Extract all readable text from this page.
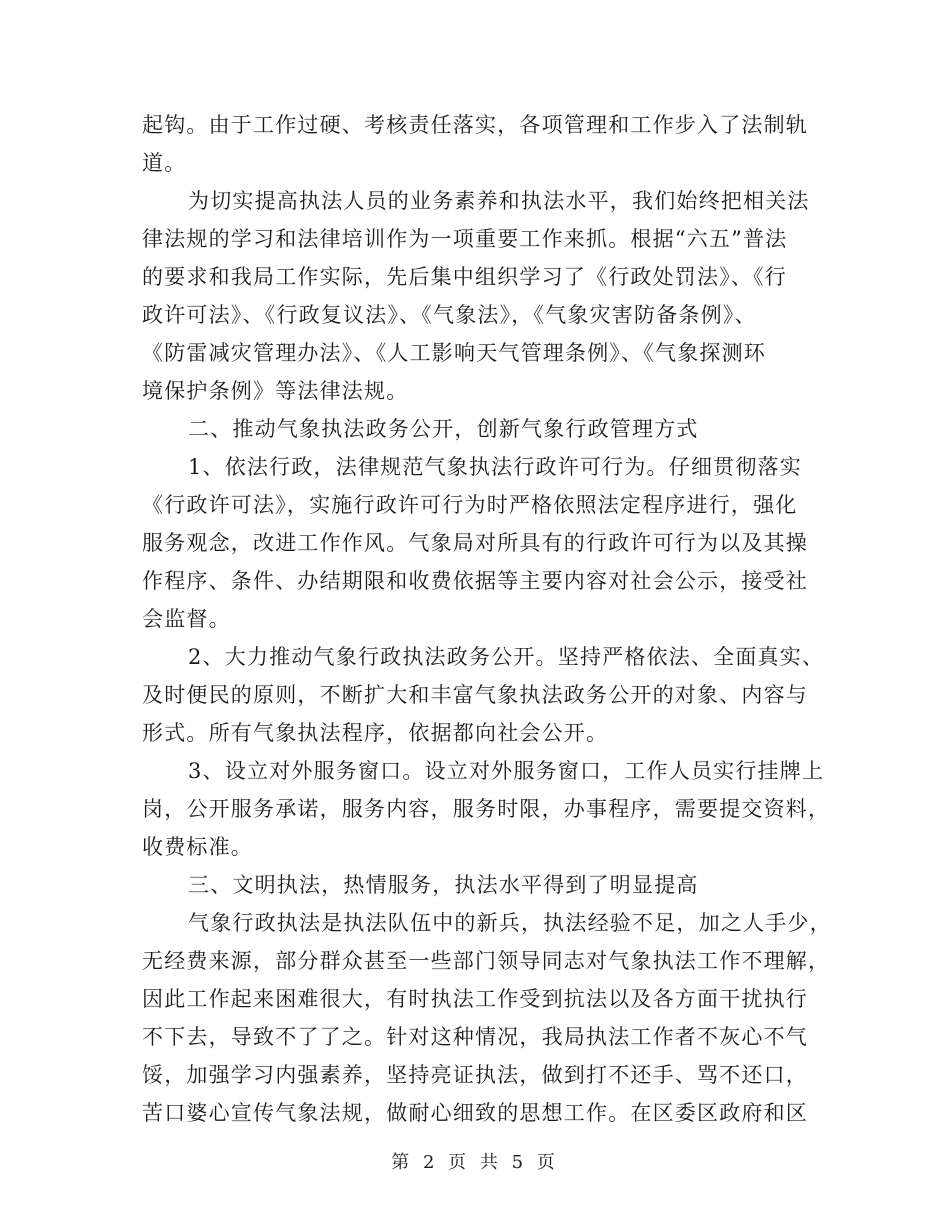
起钩。由于工作过硬、考核责任落实，各项管理和工作步入了法制轨
道。
为切实提高执法人员的业务素养和执法水平，我们始终把相关法
律法规的学习和法律培训作为一项重要工作来抓。根据“六五”普法
的要求和我局工作实际，先后集中组织学习了《行政处罚法》、《行
政许可法》、《行政复议法》、《气象法》，《气象灾害防备条例》、
《防雷减灾管理办法》、《人工影响天气管理条例》、《气象探测环
境保护条例》等法律法规。
二、推动气象执法政务公开，创新气象行政管理方式
1、依法行政，法律规范气象执法行政许可行为。仔细贯彻落实
《行政许可法》，实施行政许可行为时严格依照法定程序进行，强化
服务观念，改进工作作风。气象局对所具有的行政许可行为以及其操
作程序、条件、办结期限和收费依据等主要内容对社会公示，接受社
会监督。
2、大力推动气象行政执法政务公开。坚持严格依法、全面真实、
及时便民的原则，不断扩大和丰富气象执法政务公开的对象、内容与
形式。所有气象执法程序，依据都向社会公开。
3、设立对外服务窗口。设立对外服务窗口，工作人员实行挂牌上
岗，公开服务承诺，服务内容，服务时限，办事程序，需要提交资料，
收费标准。
三、文明执法，热情服务，执法水平得到了明显提高
气象行政执法是执法队伍中的新兵，执法经验不足，加之人手少，
无经费来源，部分群众甚至一些部门领导同志对气象执法工作不理解，
因此工作起来困难很大，有时执法工作受到抗法以及各方面干扰执行
不下去，导致不了了之。针对这种情况，我局执法工作者不灰心不气
馁，加强学习内强素养，坚持亮证执法，做到打不还手、骂不还口，
苦口婆心宣传气象法规，做耐心细致的思想工作。在区委区政府和区
第 2 页 共 5 页
